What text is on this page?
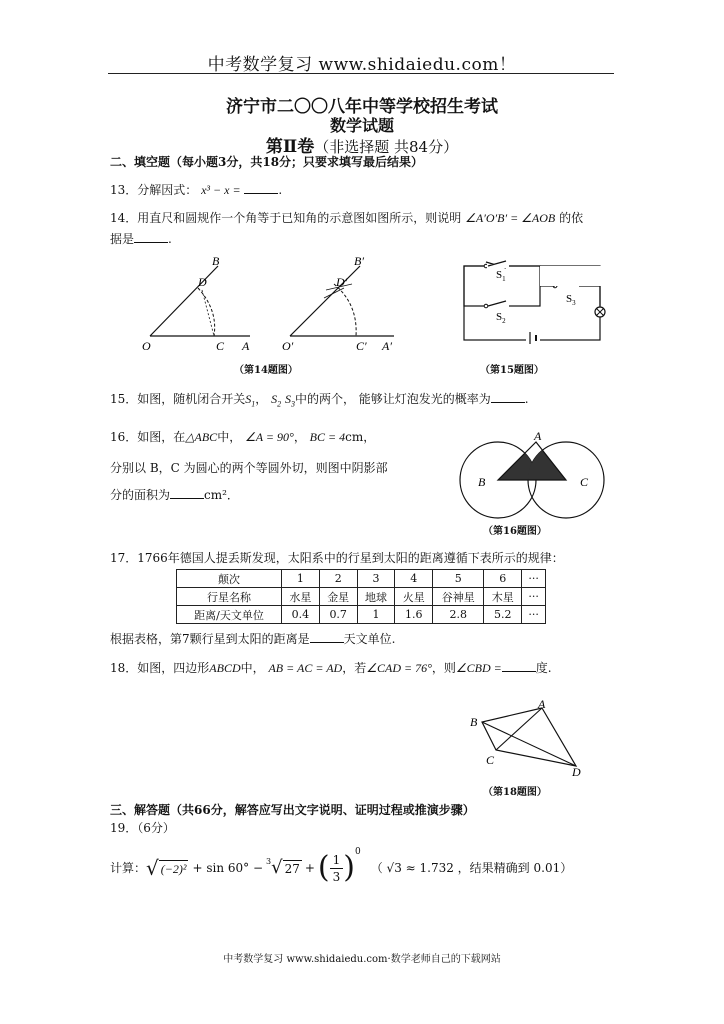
中考数学复习 www.shidaiedu.com！
济宁市二〇〇八年中等学校招生考试
数学试题
第Ⅱ卷（非选择题 共84分）
二、填空题（每小题3分，共18分；只要求填写最后结果）
13．分解因式： x³ − x =	.
14．用直尺和圆规作一个角等于已知角的示意图如图所示，则说明 ∠A′O′B′ = ∠AOB 的依
据是	.
B
D
O	C A
B′
D′
O′	C′ A′
（第14题图）
$S_1$
$S_2$
$S_3$
（第15题图）
15．如图，随机闭合开关$S_1$， $S_2$ $S_3$中的两个， 能够让灯泡发光的概率为	.
16．如图，在△ABC中， ∠A = 90°， BC = 4cm，
分别以 B，C 为圆心的两个等圆外切，则图中阴影部
分的面积为	cm²．
A
B	C
（第16题图）
17．1766年德国人提丢斯发现，太阳系中的行星到太阳的距离遵循下表所示的规律：
颠次	1	2	3	4	5	6	···
行星名称	水星	金星	地球	火星	谷神星	木星	···
距离/天文单位	0.4	0.7	1	1.6	2.8	5.2	···
根据表格，第7颗行星到太阳的距离是	天文单位.
18．如图，四边形ABCD中， AB = AC = AD，若∠CAD = 76°，则∠CBD =	度.
A
B
C
D
（第18题图）
三、解答题（共66分，解答应写出文字说明、证明过程或推演步骤）
19．（6分）
计算： √ (−2)² + sin 60° − 3 √ 27 + ( $\frac{1}{3}$ ) 0
（ √3 ≈ 1.732 ，结果精确到 0.01）
中考数学复习 www.shidaiedu.com·数学老师自己的下载网站
